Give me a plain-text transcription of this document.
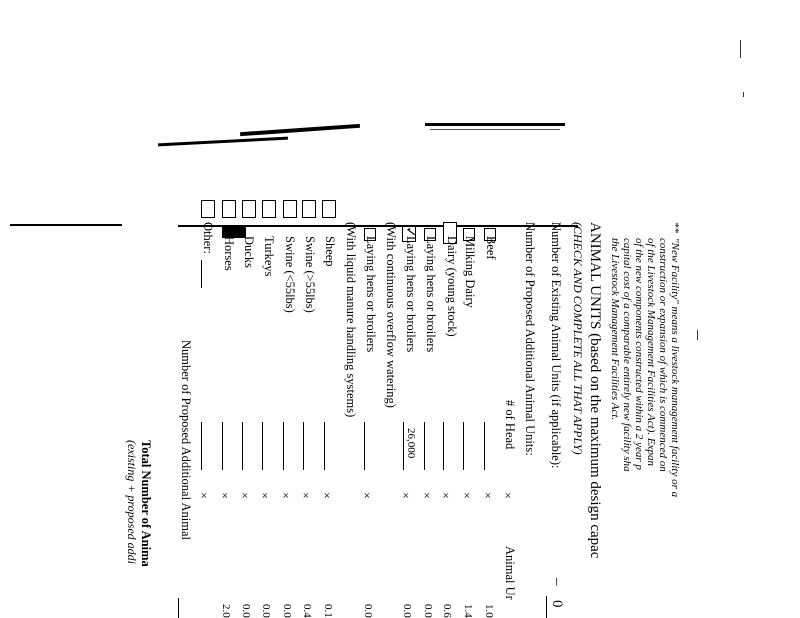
**
"New Facility" means a livestock management facility or a
construction or expansion of which is commenced on
of the Livestock Management Facilities Act). Expan
of the new components constructed within a 2 year p
capital cost of a comparable entirely new facility sha
the Livestock Management Facilities Act.
ANIMAL UNITS (based on the maximum design capac
(CHECK AND COMPLETE ALL THAT APPLY)
Number of Existing Animal Units (if applicable):
–
0
Number of Proposed Additional Animal Units:
# of Head
×
Animal Ur
Beef
×
1.0
Milking Dairy
×
1.4
Dairy (young stock)
×
0.6
Laying hens or broilers
×
0.0
✓
Laying hens or broilers
26,000
×
0.0
(With continuous overflow watering)
Laying hens or broilers
×
0.0
(With liquid manure handling systems)
Sheep
×
0.1
Swine (>55lbs)
×
0.4
Swine (<55lbs)
×
0.0
Turkeys
×
0.0
Ducks
×
0.0
Horses
×
2.0
Other:
×
Number of Proposed Additional Animal
Total Number of Anima
(existing + proposed addi
